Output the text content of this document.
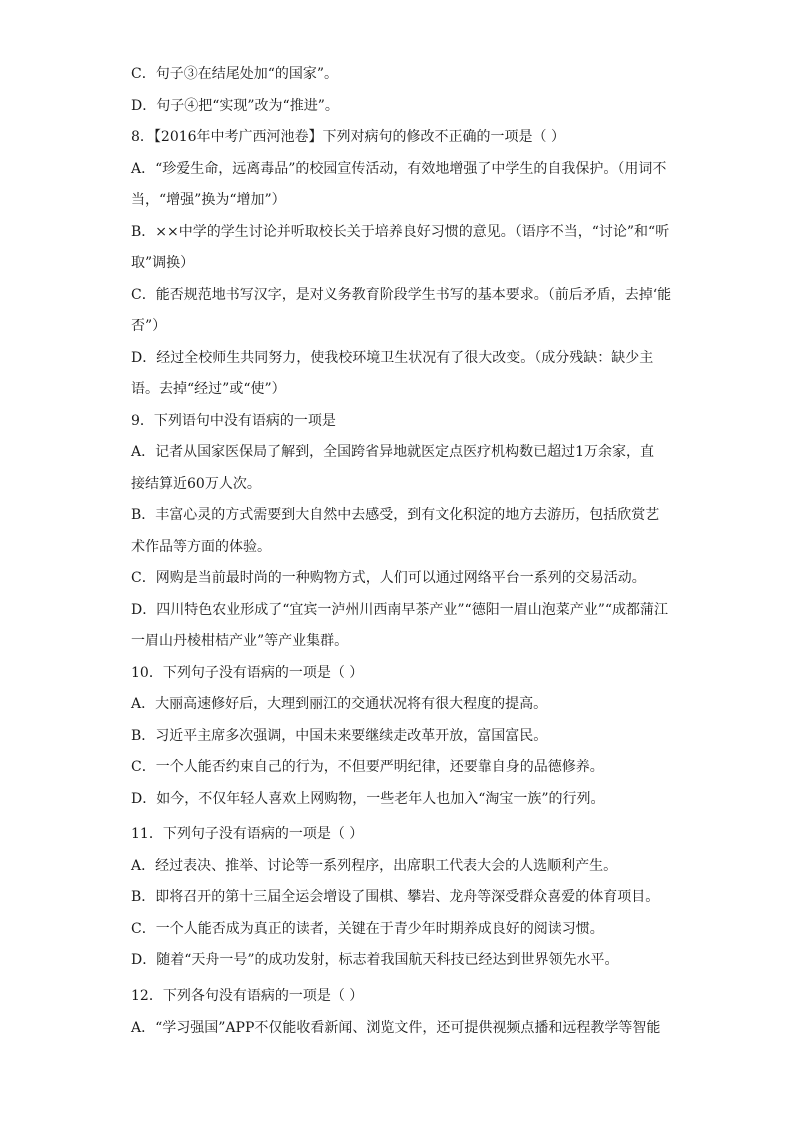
C．句子③在结尾处加“的国家”。
D．句子④把“实现”改为“推进”。
8．【2016年中考广西河池卷】下列对病句的修改不正确的一项是（ ）
A．“珍爱生命，远离毒品”的校园宣传活动，有效地增强了中学生的自我保护。（用词不
当，“增强”换为“增加”）
B．××中学的学生讨论并听取校长关于培养良好习惯的意见。（语序不当，“讨论”和“听
取”调换）
C．能否规范地书写汉字，是对义务教育阶段学生书写的基本要求。（前后矛盾，去掉‘能
否”）
D．经过全校师生共同努力，使我校环境卫生状况有了很大改变。（成分残缺：缺少主
语。去掉“经过”或“使”）
9．下列语句中没有语病的一项是
A．记者从国家医保局了解到，全国跨省异地就医定点医疗机构数已超过1万余家，直
接结算近60万人次。
B．丰富心灵的方式需要到大自然中去感受，到有文化积淀的地方去游历，包括欣赏艺
术作品等方面的体验。
C．网购是当前最时尚的一种购物方式，人们可以通过网络平台一系列的交易活动。
D．四川特色农业形成了“宜宾一泸州川西南早茶产业”“德阳一眉山泡菜产业”“成都蒲江
一眉山丹棱柑桔产业”等产业集群。
10．下列句子没有语病的一项是（ ）
A．大丽高速修好后，大理到丽江的交通状况将有很大程度的提高。
B．习近平主席多次强调，中国未来要继续走改革开放，富国富民。
C．一个人能否约束自己的行为，不但要严明纪律，还要靠自身的品德修养。
D．如今，不仅年轻人喜欢上网购物，一些老年人也加入“淘宝一族”的行列。
11．下列句子没有语病的一项是（ ）
A．经过表决、推举、讨论等一系列程序，出席职工代表大会的人选顺利产生。
B．即将召开的第十三届全运会增设了围棋、攀岩、龙舟等深受群众喜爱的体育项目。
C．一个人能否成为真正的读者，关键在于青少年时期养成良好的阅读习惯。
D．随着“天舟一号”的成功发射，标志着我国航天科技已经达到世界领先水平。
12．下列各句没有语病的一项是（ ）
A．“学习强国”APP不仅能收看新闻、浏览文件，还可提供视频点播和远程教学等智能
